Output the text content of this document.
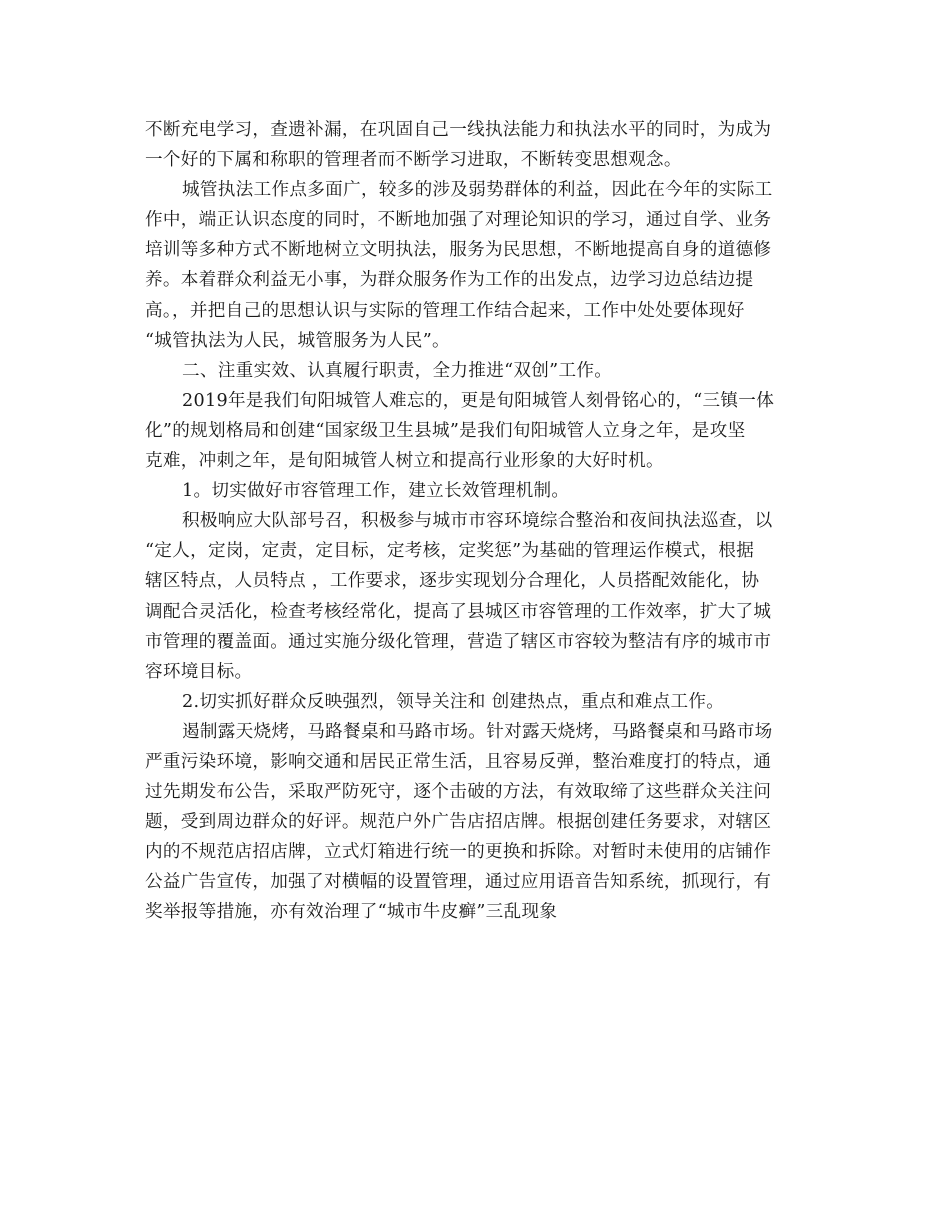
不断充电学习，查遗补漏，在巩固自己一线执法能力和执法水平的同时，为成为
一个好的下属和称职的管理者而不断学习进取，不断转变思想观念。
城管执法工作点多面广，较多的涉及弱势群体的利益，因此在今年的实际工
作中，端正认识态度的同时，不断地加强了对理论知识的学习，通过自学、业务
培训等多种方式不断地树立文明执法，服务为民思想，不断地提高自身的道德修
养。本着群众利益无小事，为群众服务作为工作的出发点，边学习边总结边提
高。，并把自己的思想认识与实际的管理工作结合起来，工作中处处要体现好
“城管执法为人民，城管服务为人民”。
二、注重实效、认真履行职责，全力推进“双创”工作。
2019年是我们旬阳城管人难忘的，更是旬阳城管人刻骨铭心的，“三镇一体
化”的规划格局和创建“国家级卫生县城”是我们旬阳城管人立身之年，是攻坚
克难，冲刺之年，是旬阳城管人树立和提高行业形象的大好时机。
1。切实做好市容管理工作，建立长效管理机制。
积极响应大队部号召，积极参与城市市容环境综合整治和夜间执法巡查，以
“定人，定岗，定责，定目标，定考核，定奖惩”为基础的管理运作模式，根据
辖区特点，人员特点 ，工作要求，逐步实现划分合理化，人员搭配效能化，协
调配合灵活化，检查考核经常化，提高了县城区市容管理的工作效率，扩大了城
市管理的覆盖面。通过实施分级化管理，营造了辖区市容较为整洁有序的城市市
容环境目标。
2.切实抓好群众反映强烈，领导关注和 创建热点，重点和难点工作。
遏制露天烧烤，马路餐桌和马路市场。针对露天烧烤，马路餐桌和马路市场
严重污染环境，影响交通和居民正常生活，且容易反弹，整治难度打的特点，通
过先期发布公告，采取严防死守，逐个击破的方法，有效取缔了这些群众关注问
题，受到周边群众的好评。规范户外广告店招店牌。根据创建任务要求，对辖区
内的不规范店招店牌，立式灯箱进行统一的更换和拆除。对暂时未使用的店铺作
公益广告宣传，加强了对横幅的设置管理，通过应用语音告知系统，抓现行，有
奖举报等措施，亦有效治理了“城市牛皮癣”三乱现象
